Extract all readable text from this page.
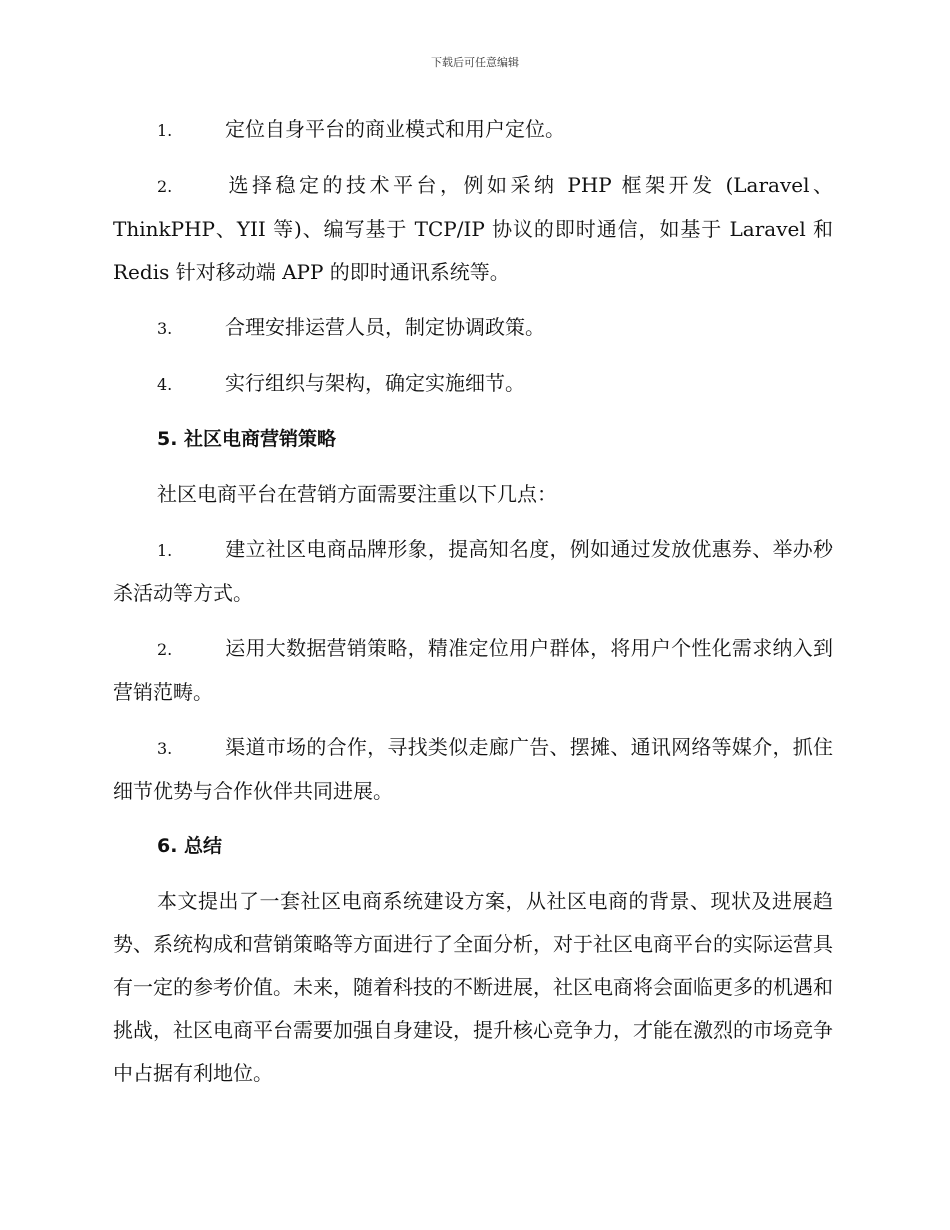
下载后可任意编辑

1.	定位自身平台的商业模式和用户定位。

2.	选择稳定的技术平台，例如采纳 PHP 框架开发 (Laravel、ThinkPHP、YII 等)、编写基于 TCP/IP 协议的即时通信，如基于 Laravel 和 Redis 针对移动端 APP 的即时通讯系统等。

3.	合理安排运营人员，制定协调政策。

4.	实行组织与架构，确定实施细节。

5. 社区电商营销策略

社区电商平台在营销方面需要注重以下几点：

1.	建立社区电商品牌形象，提高知名度，例如通过发放优惠券、举办秒杀活动等方式。

2.	运用大数据营销策略，精准定位用户群体，将用户个性化需求纳入到营销范畴。

3.	渠道市场的合作，寻找类似走廊广告、摆摊、通讯网络等媒介，抓住细节优势与合作伙伴共同进展。

6. 总结

本文提出了一套社区电商系统建设方案，从社区电商的背景、现状及进展趋势、系统构成和营销策略等方面进行了全面分析，对于社区电商平台的实际运营具有一定的参考价值。未来，随着科技的不断进展，社区电商将会面临更多的机遇和挑战，社区电商平台需要加强自身建设，提升核心竞争力，才能在激烈的市场竞争中占据有利地位。
